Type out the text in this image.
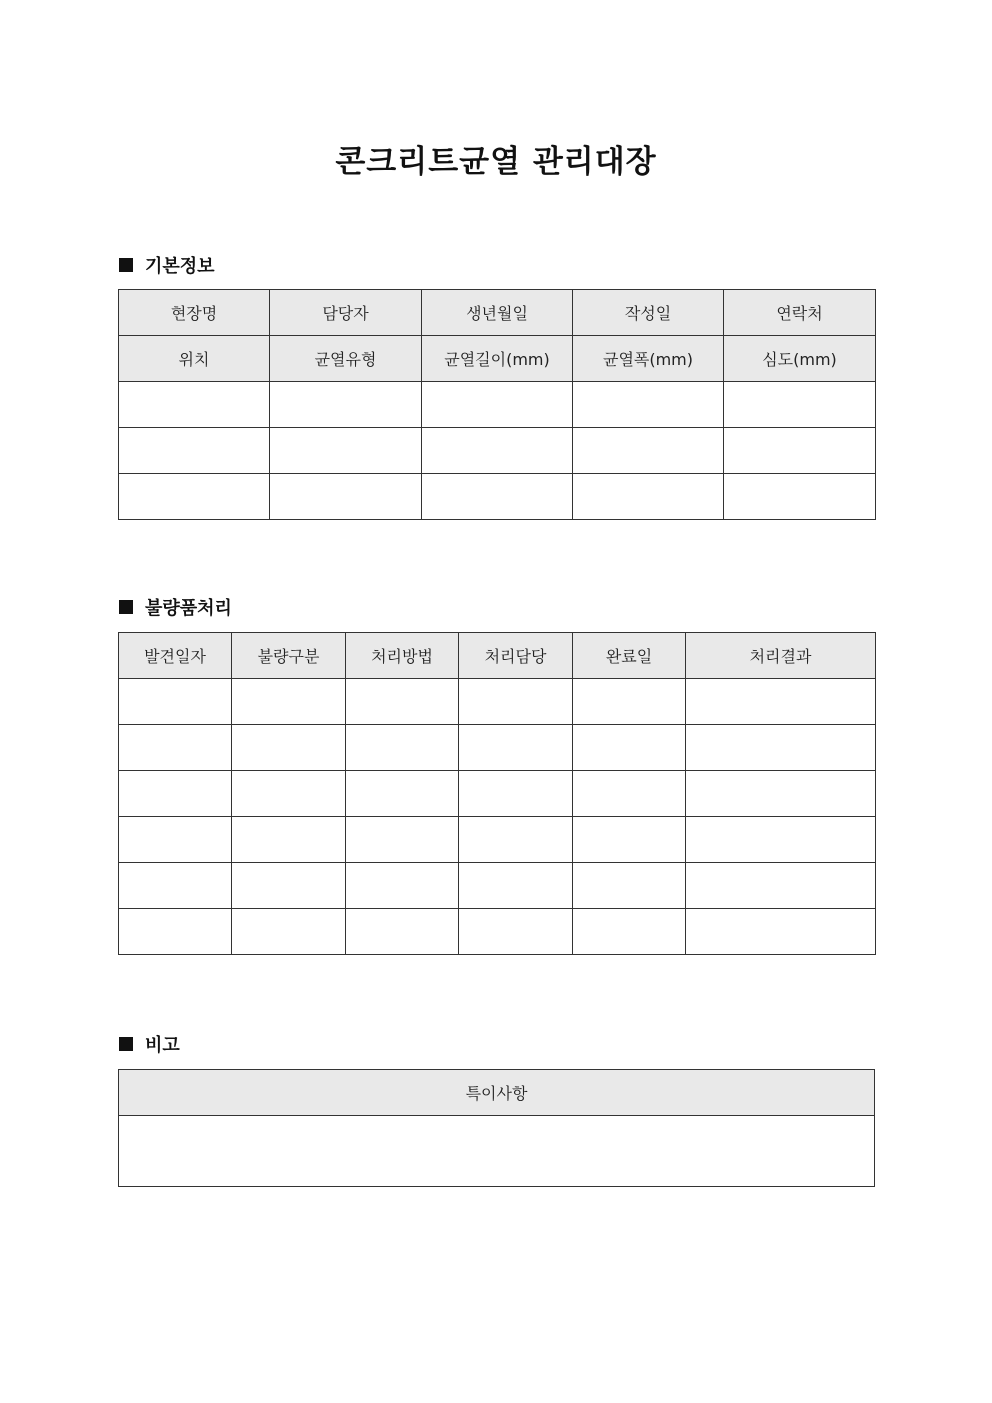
콘크리트균열 관리대장
기본정보
현장명	담당자	생년월일	작성일	연락처
위치	균열유형	균열길이(mm)	균열폭(mm)	심도(mm)

불량품처리
발견일자	불량구분	처리방법	처리담당	완료일	처리결과

비고
특이사항
